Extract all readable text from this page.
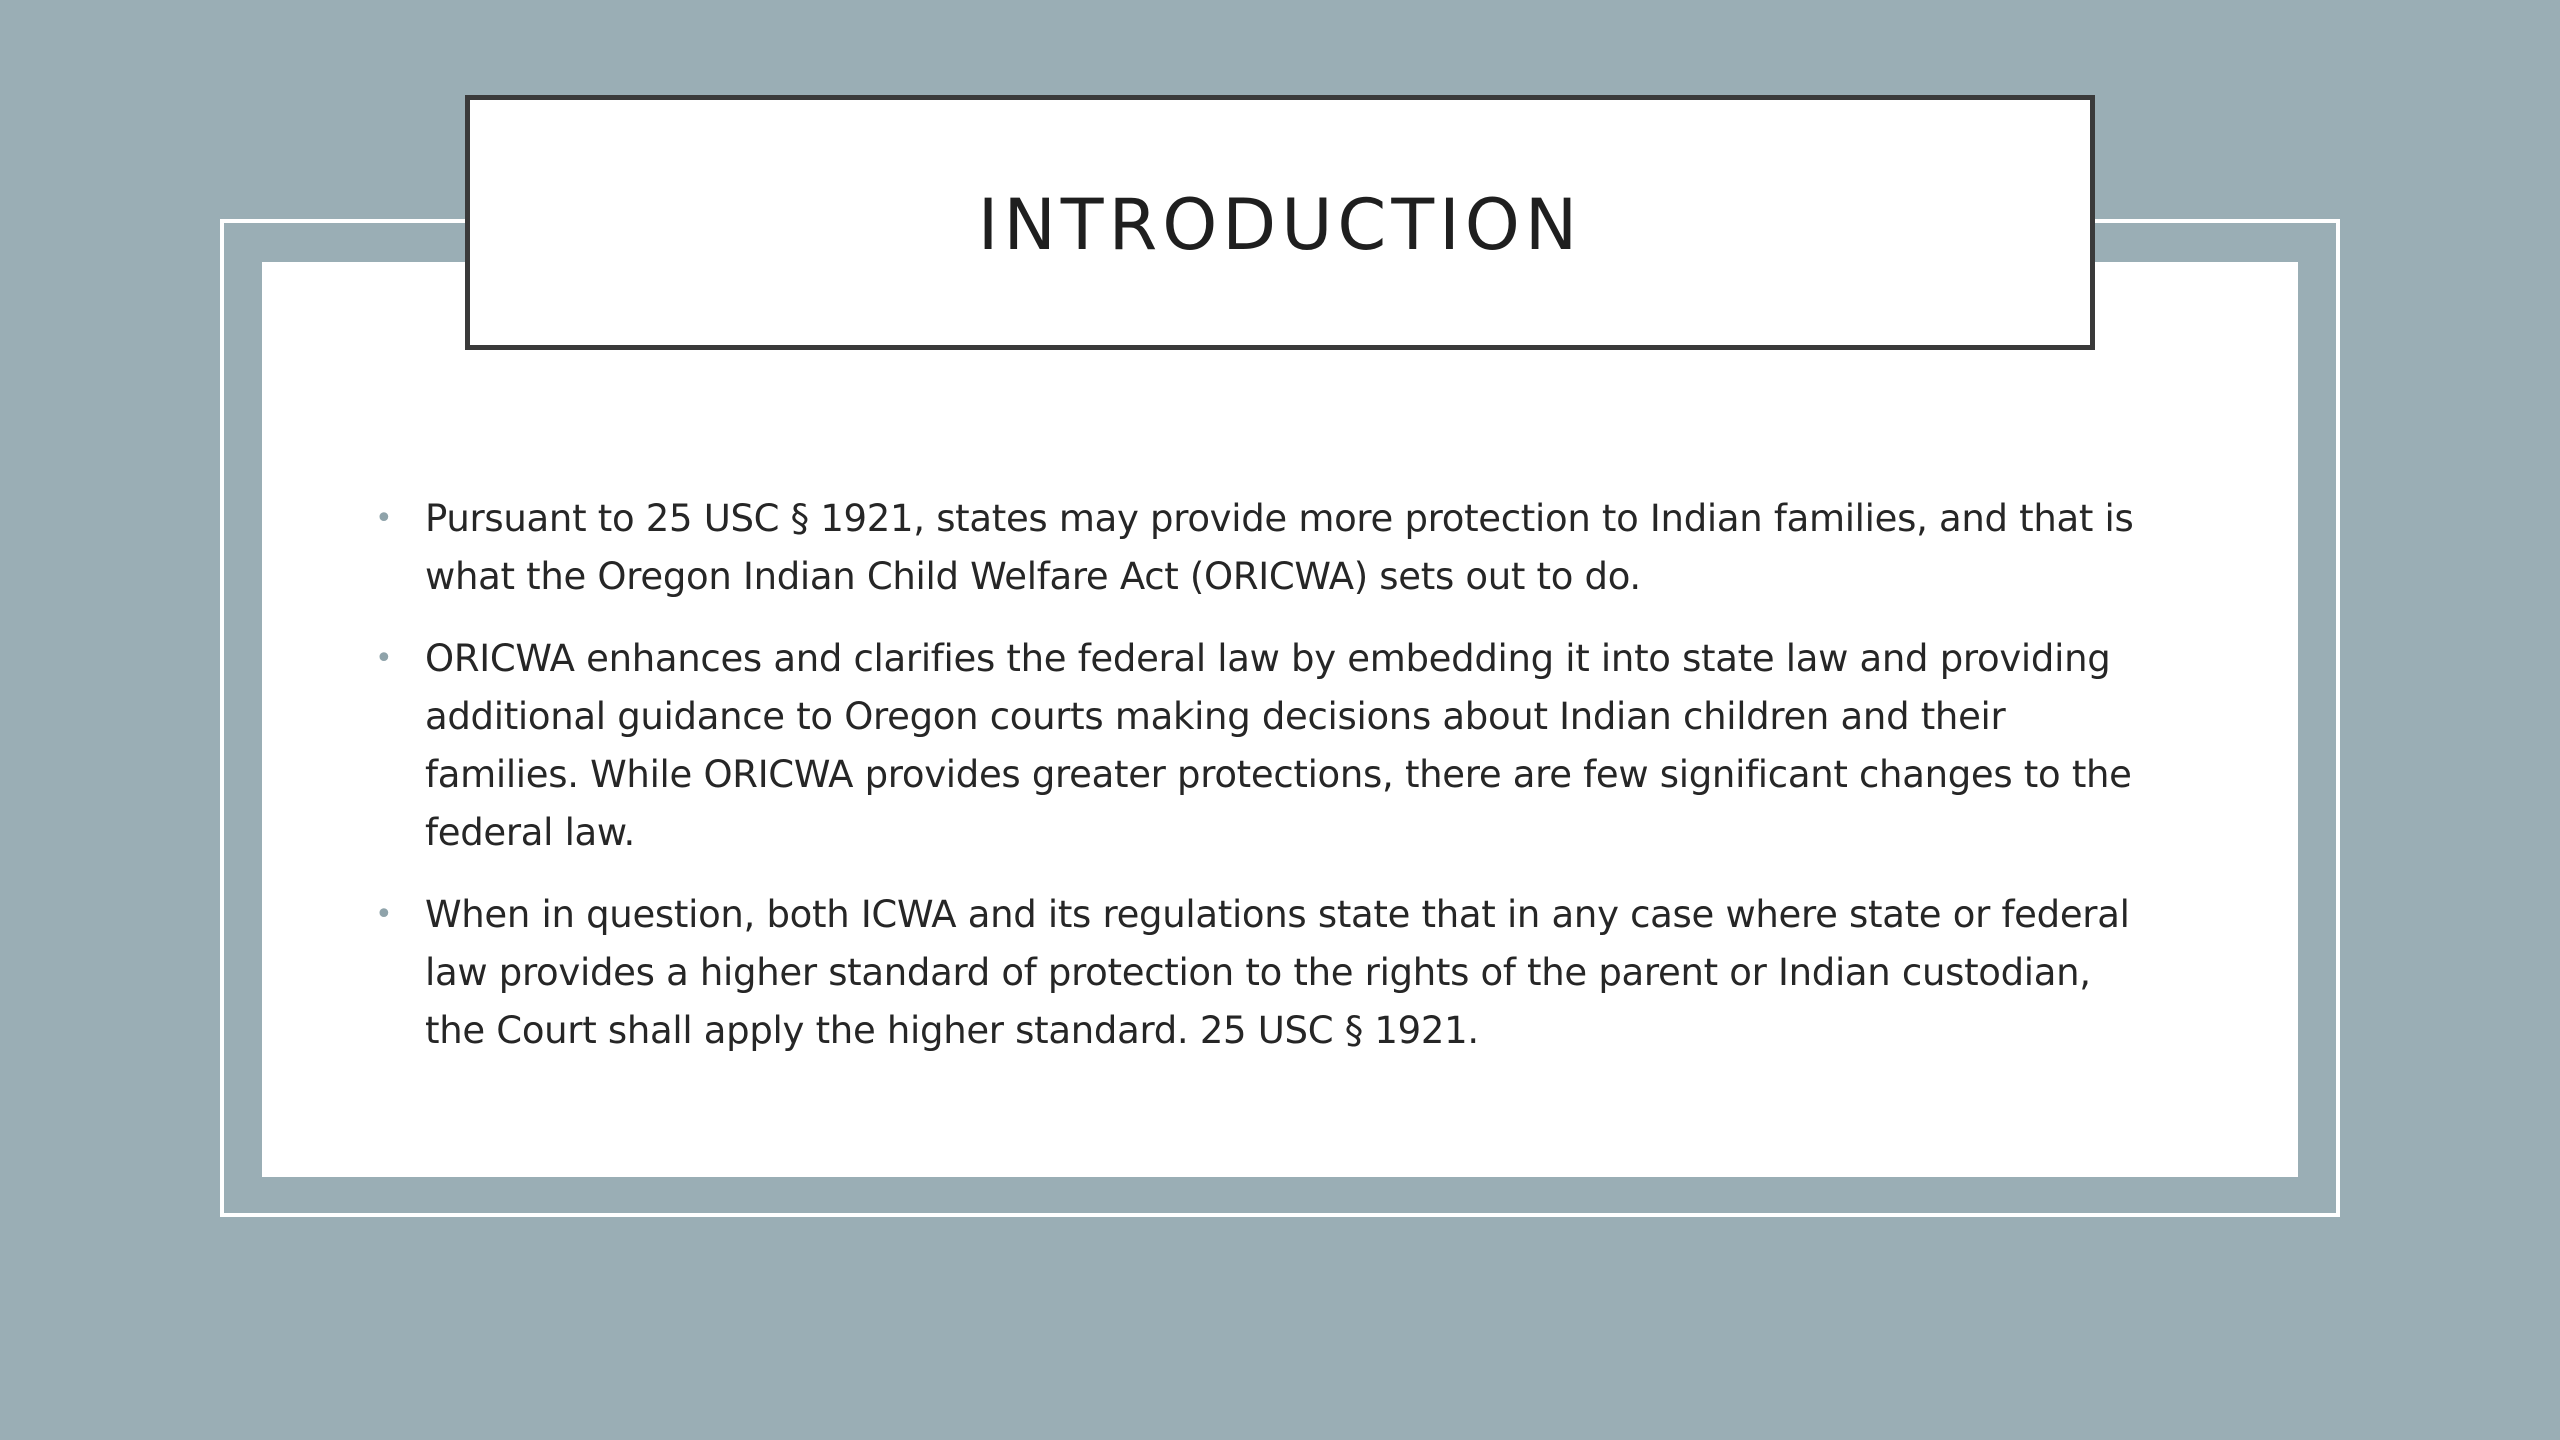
INTRODUCTION
• Pursuant to 25 USC § 1921, states may provide more protection to Indian families, and that is what the Oregon Indian Child Welfare Act (ORICWA) sets out to do.
• ORICWA enhances and clarifies the federal law by embedding it into state law and providing additional guidance to Oregon courts making decisions about Indian children and their families. While ORICWA provides greater protections, there are few significant changes to the federal law.
• When in question, both ICWA and its regulations state that in any case where state or federal law provides a higher standard of protection to the rights of the parent or Indian custodian, the Court shall apply the higher standard. 25 USC § 1921.
